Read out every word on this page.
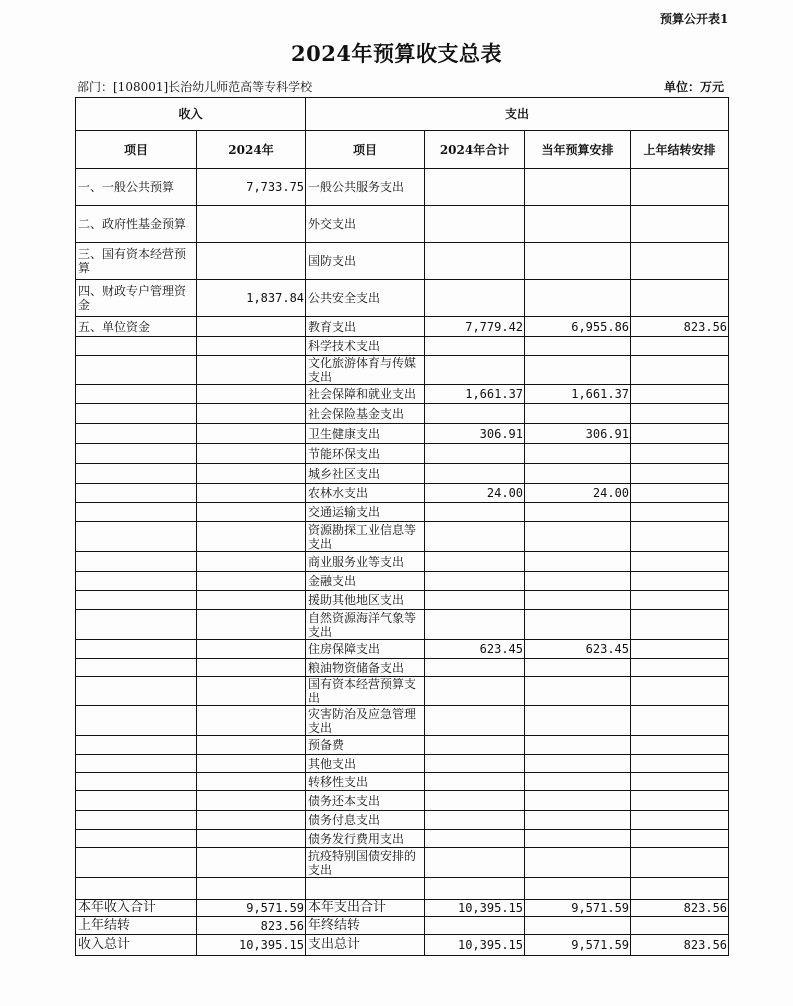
预算公开表1
2024年预算收支总表
部门：[108001]长治幼儿师范高等专科学校	单位：万元
收入		支出			
项目	2024年	项目	2024年合计	当年预算安排	上年结转安排
一、一般公共预算	7,733.75	一般公共服务支出			
二、政府性基金预算		外交支出			
三、国有资本经营预算		国防支出			
四、财政专户管理资金	1,837.84	公共安全支出			
五、单位资金		教育支出	7,779.42	6,955.86	823.56
		科学技术支出			
		文化旅游体育与传媒支出			
		社会保障和就业支出	1,661.37	1,661.37	
		社会保险基金支出			
		卫生健康支出	306.91	306.91	
		节能环保支出			
		城乡社区支出			
		农林水支出	24.00	24.00	
		交通运输支出			
		资源勘探工业信息等支出			
		商业服务业等支出			
		金融支出			
		援助其他地区支出			
		自然资源海洋气象等支出			
		住房保障支出	623.45	623.45	
		粮油物资储备支出			
		国有资本经营预算支出			
		灾害防治及应急管理支出			
		预备费			
		其他支出			
		转移性支出			
		债务还本支出			
		债务付息支出			
		债务发行费用支出			
		抗疫特别国债安排的支出			

本年收入合计	9,571.59	本年支出合计	10,395.15	9,571.59	823.56
上年结转	823.56	年终结转			
收入总计	10,395.15	支出总计	10,395.15	9,571.59	823.56
